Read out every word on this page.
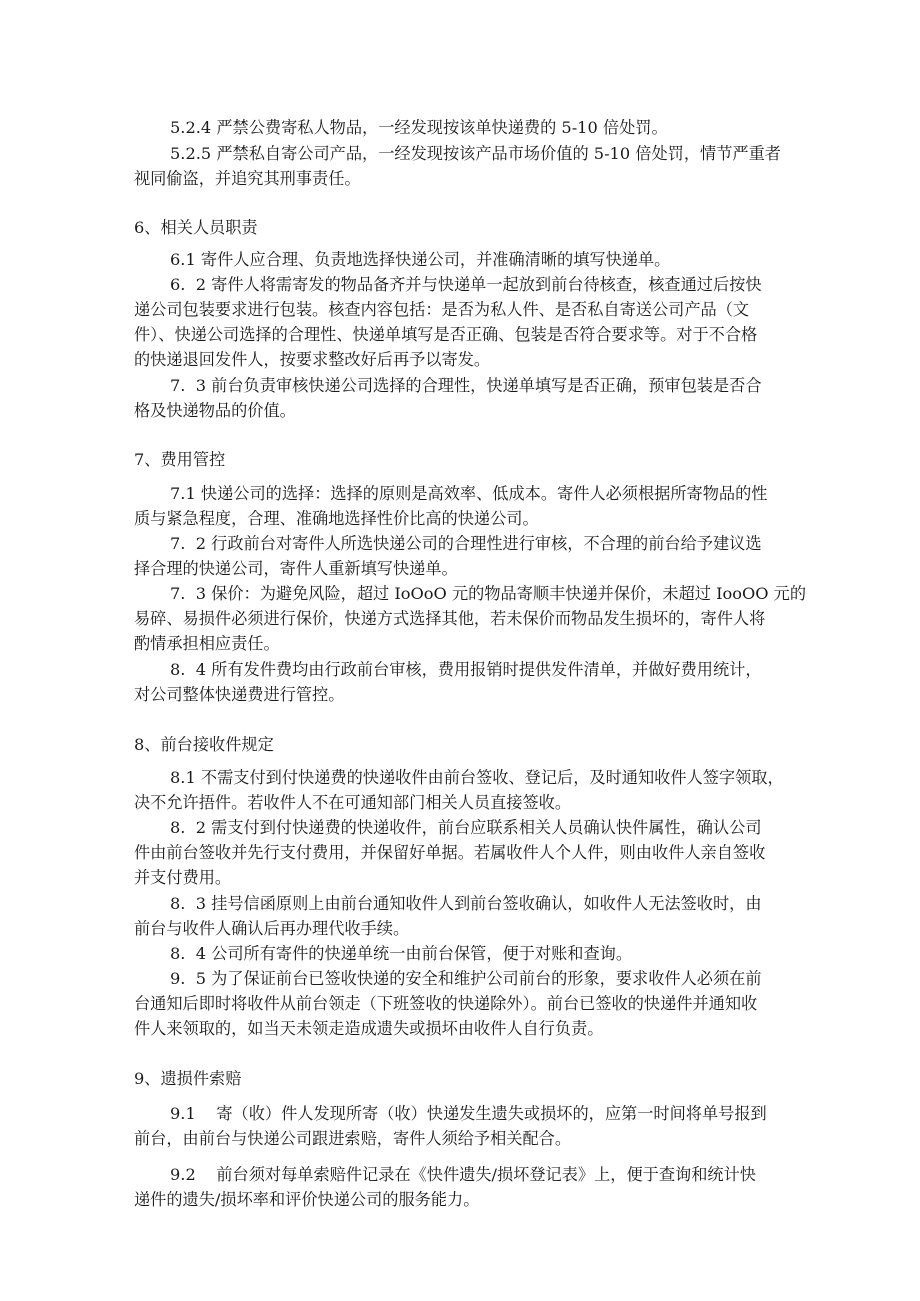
5.2.4 严禁公费寄私人物品，一经发现按该单快递费的 5-10 倍处罚。
5.2.5 严禁私自寄公司产品，一经发现按该产品市场价值的 5-10 倍处罚，情节严重者
视同偷盗，并追究其刑事责任。
6、相关人员职责
6.1 寄件人应合理、负责地选择快递公司，并准确清晰的填写快递单。
6.  2 寄件人将需寄发的物品备齐并与快递单一起放到前台待核查，核查通过后按快
递公司包装要求进行包装。核查内容包括：是否为私人件、是否私自寄送公司产品（文
件）、快递公司选择的合理性、快递单填写是否正确、包装是否符合要求等。对于不合格
的快递退回发件人，按要求整改好后再予以寄发。
7.  3 前台负责审核快递公司选择的合理性，快递单填写是否正确，预审包装是否合
格及快递物品的价值。
7、费用管控
7.1 快递公司的选择：选择的原则是高效率、低成本。寄件人必须根据所寄物品的性
质与紧急程度，合理、准确地选择性价比高的快递公司。
7.  2 行政前台对寄件人所选快递公司的合理性进行审核，不合理的前台给予建议选
择合理的快递公司，寄件人重新填写快递单。
7.  3 保价：为避免风险，超过 IoOoO 元的物品寄顺丰快递并保价，未超过 IooOO 元的
易碎、易损件必须进行保价，快递方式选择其他，若未保价而物品发生损坏的，寄件人将
酌情承担相应责任。
8.  4 所有发件费均由行政前台审核，费用报销时提供发件清单，并做好费用统计，
对公司整体快递费进行管控。
8、前台接收件规定
8.1 不需支付到付快递费的快递收件由前台签收、登记后，及时通知收件人签字领取，
决不允许捂件。若收件人不在可通知部门相关人员直接签收。
8.  2 需支付到付快递费的快递收件，前台应联系相关人员确认快件属性，确认公司
件由前台签收并先行支付费用，并保留好单据。若属收件人个人件，则由收件人亲自签收
并支付费用。
8.  3 挂号信函原则上由前台通知收件人到前台签收确认，如收件人无法签收时，由
前台与收件人确认后再办理代收手续。
8.  4 公司所有寄件的快递单统一由前台保管，便于对账和查询。
9.  5 为了保证前台已签收快递的安全和维护公司前台的形象，要求收件人必须在前
台通知后即时将收件从前台领走（下班签收的快递除外）。前台已签收的快递件并通知收
件人来领取的，如当天未领走造成遗失或损坏由收件人自行负责。
9、遗损件索赔
9.1    寄（收）件人发现所寄（收）快递发生遗失或损坏的，应第一时间将单号报到
前台，由前台与快递公司跟进索赔，寄件人须给予相关配合。
9.2    前台须对每单索赔件记录在《快件遗失/损坏登记表》上，便于查询和统计快
递件的遗失/损坏率和评价快递公司的服务能力。
